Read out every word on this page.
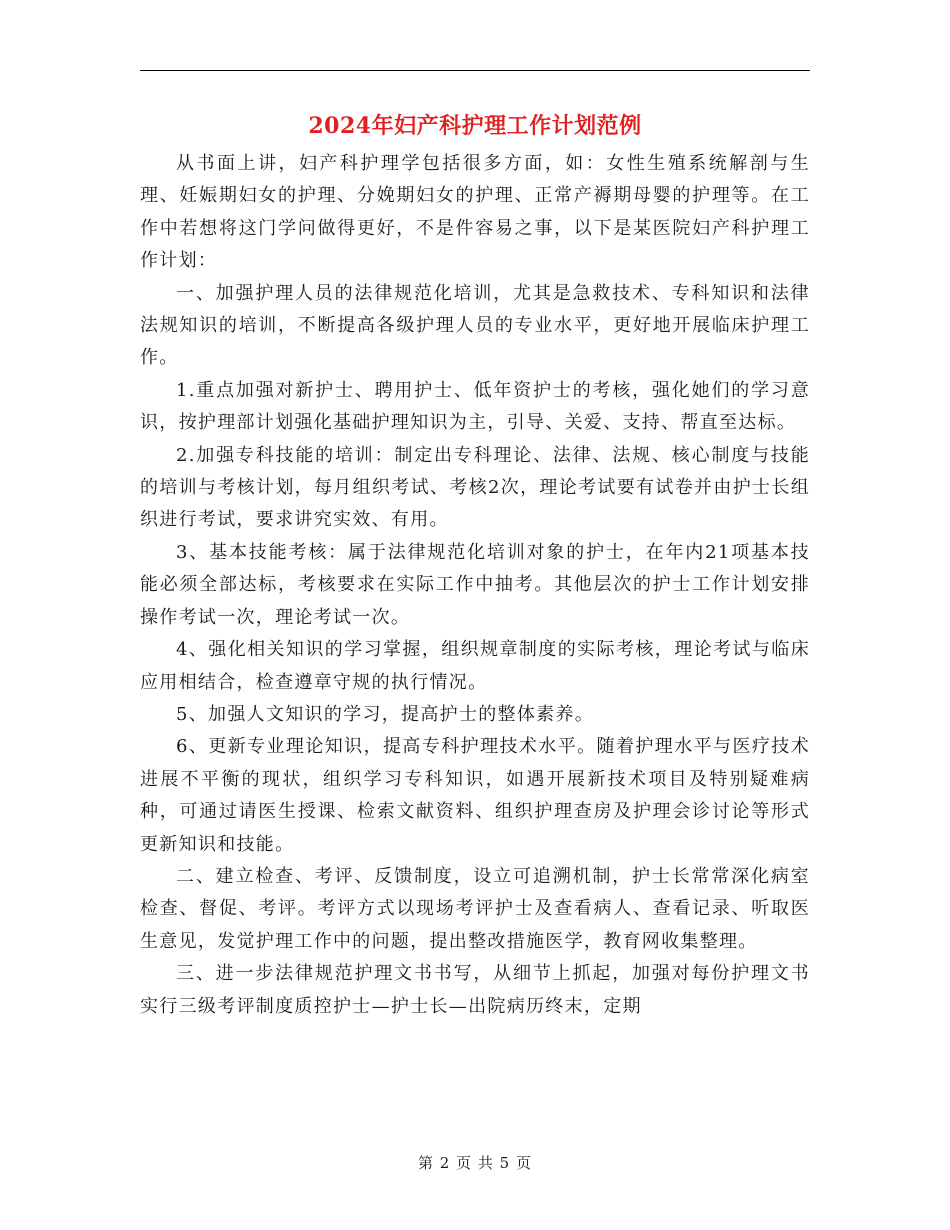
2024年妇产科护理工作计划范例

从书面上讲，妇产科护理学包括很多方面，如：女性生殖系统解剖与生理、妊娠期妇女的护理、分娩期妇女的护理、正常产褥期母婴的护理等。在工作中若想将这门学问做得更好，不是件容易之事，以下是某医院妇产科护理工作计划：

一、加强护理人员的法律规范化培训，尤其是急救技术、专科知识和法律法规知识的培训，不断提高各级护理人员的专业水平，更好地开展临床护理工作。

1.重点加强对新护士、聘用护士、低年资护士的考核，强化她们的学习意识，按护理部计划强化基础护理知识为主，引导、关爱、支持、帮直至达标。

2.加强专科技能的培训：制定出专科理论、法律、法规、核心制度与技能的培训与考核计划，每月组织考试、考核2次，理论考试要有试卷并由护士长组织进行考试，要求讲究实效、有用。

3、基本技能考核：属于法律规范化培训对象的护士，在年内21项基本技能必须全部达标，考核要求在实际工作中抽考。其他层次的护士工作计划安排操作考试一次，理论考试一次。

4、强化相关知识的学习掌握，组织规章制度的实际考核，理论考试与临床应用相结合，检查遵章守规的执行情况。

5、加强人文知识的学习，提高护士的整体素养。

6、更新专业理论知识，提高专科护理技术水平。随着护理水平与医疗技术进展不平衡的现状，组织学习专科知识，如遇开展新技术项目及特别疑难病种，可通过请医生授课、检索文献资料、组织护理查房及护理会诊讨论等形式更新知识和技能。

二、建立检查、考评、反馈制度，设立可追溯机制，护士长常常深化病室检查、督促、考评。考评方式以现场考评护士及查看病人、查看记录、听取医生意见，发觉护理工作中的问题，提出整改措施医学，教育网收集整理。

三、进一步法律规范护理文书书写，从细节上抓起，加强对每份护理文书实行三级考评制度质控护士—护士长—出院病历终末，定期

第 2 页 共 5 页
